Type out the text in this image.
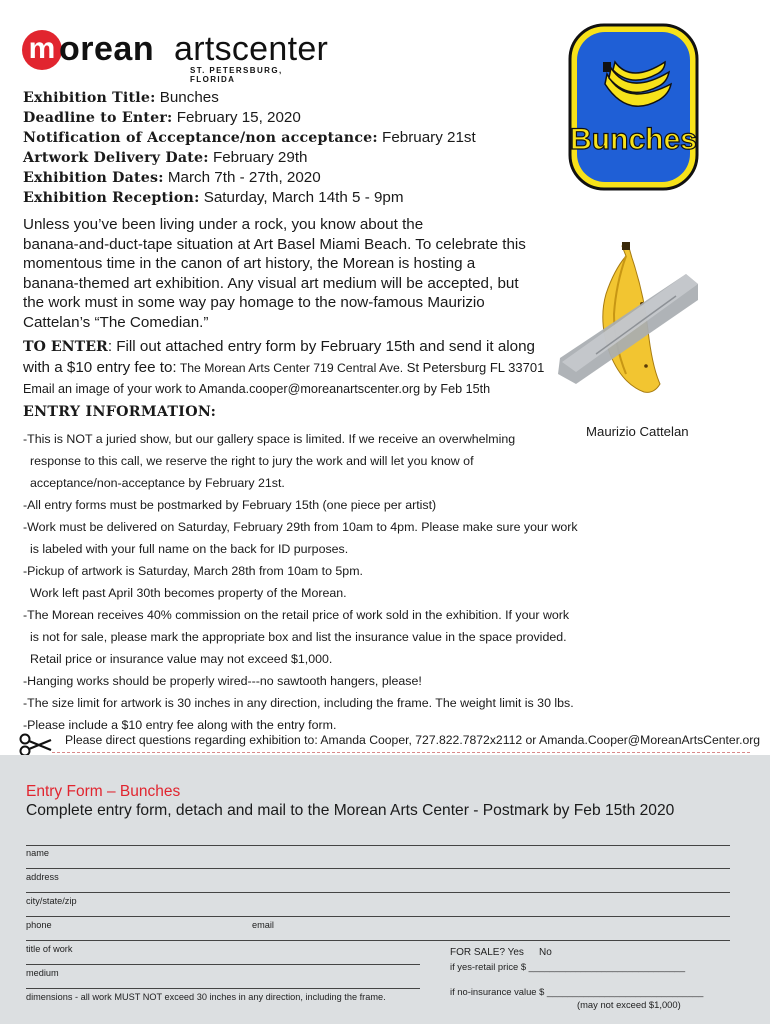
m orean artscenter
ST. PETERSBURG, FLORIDA
Bunches
Exhibition Title: Bunches
Deadline to Enter: February 15, 2020
Notification of Acceptance/non acceptance: February 21st
Artwork Delivery Date: February 29th
Exhibition Dates: March 7th - 27th, 2020
Exhibition Reception: Saturday, March 14th 5 - 9pm
Unless you’ve been living under a rock, you know about the
banana-and-duct-tape situation at Art Basel Miami Beach. To celebrate this
momentous time in the canon of art history, the Morean is hosting a
banana-themed art exhibition. Any visual art medium will be accepted, but
the work must in some way pay homage to the now-famous Maurizio
Cattelan’s “The Comedian.”
TO ENTER: Fill out attached entry form by February 15th and send it along
with a $10 entry fee to: The Morean Arts Center 719 Central Ave. St Petersburg FL 33701
Email an image of your work to Amanda.cooper@moreanartscenter.org by Feb 15th
Maurizio Cattelan
ENTRY INFORMATION:
-This is NOT a juried show, but our gallery space is limited. If we receive an overwhelming
response to this call, we reserve the right to jury the work and will let you know of
acceptance/non-acceptance by February 21st.
-All entry forms must be postmarked by February 15th (one piece per artist)
-Work must be delivered on Saturday, February 29th from 10am to 4pm. Please make sure your work
is labeled with your full name on the back for ID purposes.
-Pickup of artwork is Saturday, March 28th from 10am to 5pm.
Work left past April 30th becomes property of the Morean.
-The Morean receives 40% commission on the retail price of work sold in the exhibition. If your work
is not for sale, please mark the appropriate box and list the insurance value in the space provided.
Retail price or insurance value may not exceed $1,000.
-Hanging works should be properly wired---no sawtooth hangers, please!
-The size limit for artwork is 30 inches in any direction, including the frame. The weight limit is 30 lbs.
-Please include a $10 entry fee along with the entry form.
Please direct questions regarding exhibition to: Amanda Cooper, 727.822.7872x2112 or Amanda.Cooper@MoreanArtsCenter.org
Entry Form – Bunches
Complete entry form, detach and mail to the Morean Arts Center - Postmark by Feb 15th 2020
name
address
city/state/zip
phone	email
title of work
medium
dimensions - all work MUST NOT exceed 30 inches in any direction, including the frame.
FOR SALE? Yes No
if yes-retail price $ ______________________________
if no-insurance value $ ______________________________
(may not exceed $1,000)
